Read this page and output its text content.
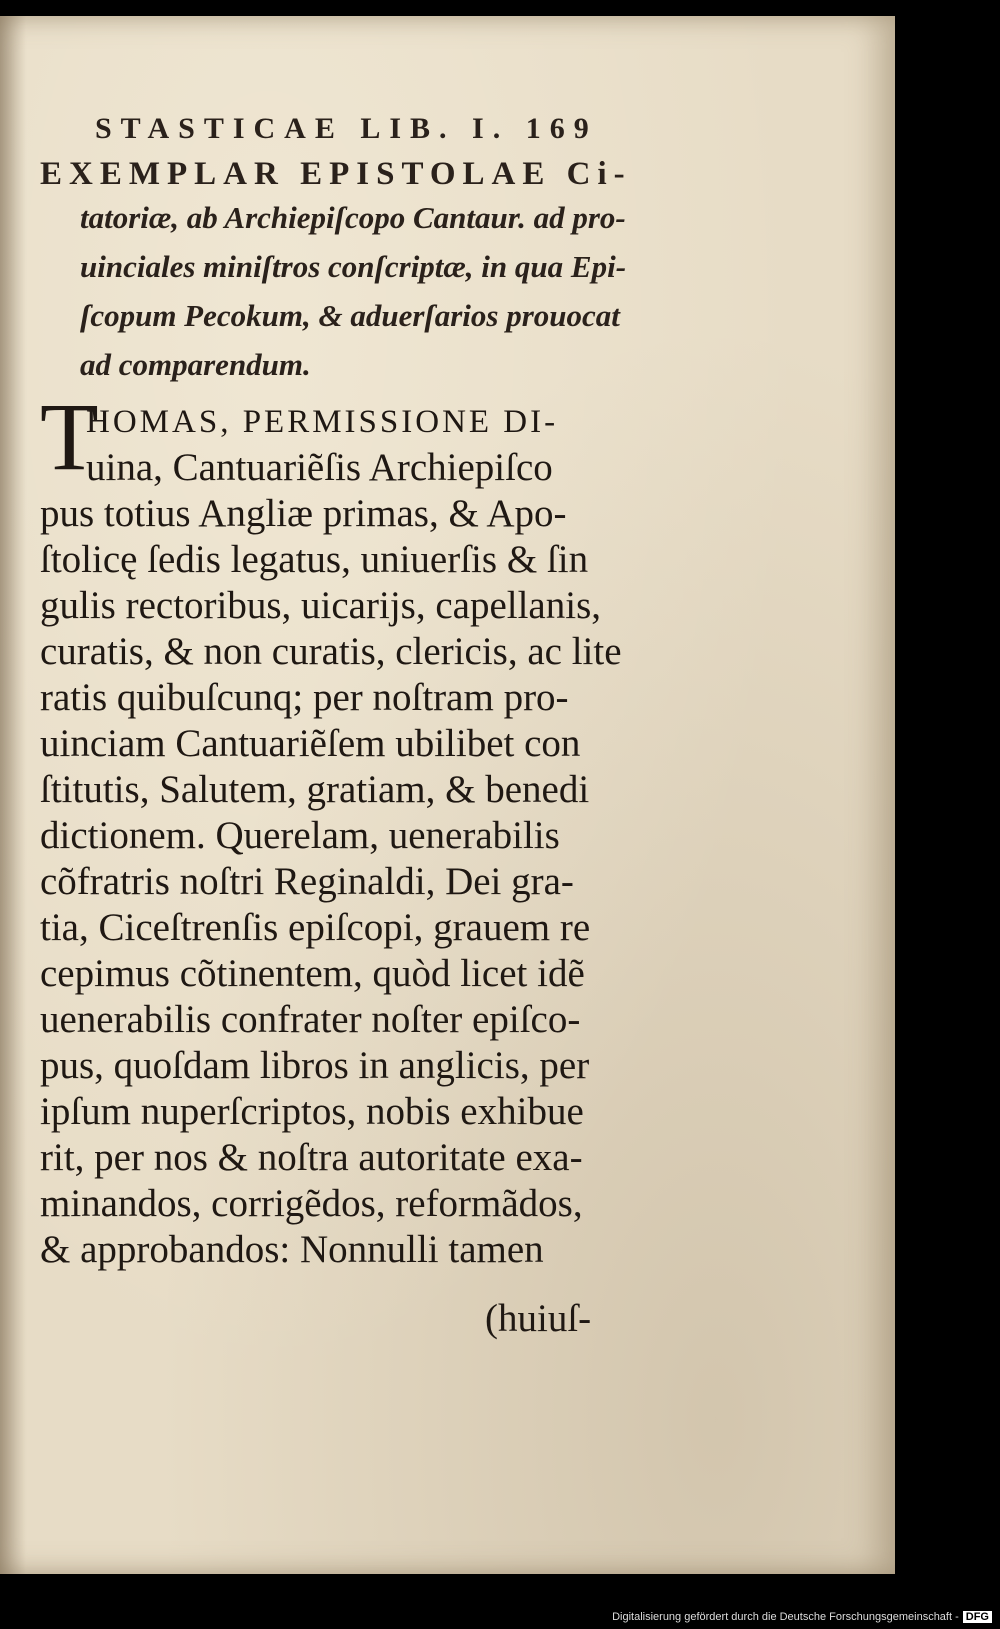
STASTICAE LIB. I. 169
EXEMPLAR EPISTOLAE Ci-
tatoriæ, ab Archiepiſcopo Cantaur. ad pro-
uinciales miniſtros conſcriptæ, in qua Epi-
ſcopum Pecokum, & aduerſarios prouocat
ad comparendum.
T
HOMAS, PERMISSIONE DI-
uina, Cantuariẽſis Archiepiſco
pus totius Angliæ primas, & Apo-
ſtolicę ſedis legatus, uniuerſis & ſin
gulis rectoribus, uicarijs, capellanis,
curatis, & non curatis, clericis, ac lite
ratis quibuſcunq; per noſtram pro-
uinciam Cantuariẽſem ubilibet con
ſtitutis, Salutem, gratiam, & benedi
dictionem. Querelam, uenerabilis
cõfratris noſtri Reginaldi, Dei gra-
tia, Ciceſtrenſis epiſcopi, grauem re
cepimus cõtinentem, quòd licet idẽ
uenerabilis confrater noſter epiſco-
pus, quoſdam libros in anglicis, per
ipſum nuperſcriptos, nobis exhibue
rit, per nos & noſtra autoritate exa-
minandos, corrigẽdos, reformãdos,
& approbandos: Nonnulli tamen
(huiuſ-
Digitalisierung gefördert durch die Deutsche Forschungsgemeinschaft - DFG
